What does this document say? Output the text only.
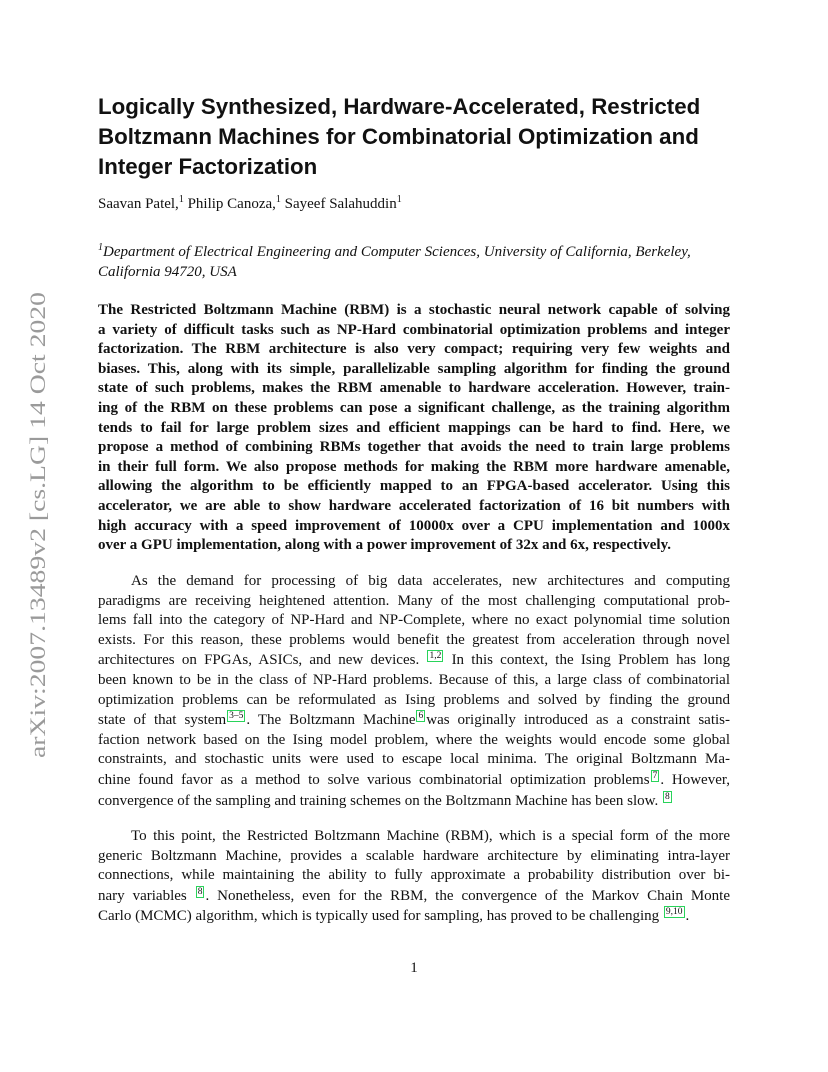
arXiv:2007.13489v2 [cs.LG] 14 Oct 2020
Logically Synthesized, Hardware-Accelerated, Restricted
Boltzmann Machines for Combinatorial Optimization and
Integer Factorization
Saavan Patel,$^1$ Philip Canoza,$^1$ Sayeef Salahuddin$^1$
$^1$Department of Electrical Engineering and Computer Sciences, University of California, Berkeley,
California 94720, USA
The Restricted Boltzmann Machine (RBM) is a stochastic neural network capable of solving
a variety of difficult tasks such as NP-Hard combinatorial optimization problems and integer
factorization. The RBM architecture is also very compact; requiring very few weights and
biases. This, along with its simple, parallelizable sampling algorithm for finding the ground
state of such problems, makes the RBM amenable to hardware acceleration. However, train-
ing of the RBM on these problems can pose a significant challenge, as the training algorithm
tends to fail for large problem sizes and efficient mappings can be hard to find. Here, we
propose a method of combining RBMs together that avoids the need to train large problems
in their full form. We also propose methods for making the RBM more hardware amenable,
allowing the algorithm to be efficiently mapped to an FPGA-based accelerator. Using this
accelerator, we are able to show hardware accelerated factorization of 16 bit numbers with
high accuracy with a speed improvement of 10000x over a CPU implementation and 1000x
over a GPU implementation, along with a power improvement of 32x and 6x, respectively.
As the demand for processing of big data accelerates, new architectures and computing
paradigms are receiving heightened attention. Many of the most challenging computational prob-
lems fall into the category of NP-Hard and NP-Complete, where no exact polynomial time solution
exists. For this reason, these problems would benefit the greatest from acceleration through novel
architectures on FPGAs, ASICs, and new devices. 1,2 In this context, the Ising Problem has long
been known to be in the class of NP-Hard problems. Because of this, a large class of combinatorial
optimization problems can be reformulated as Ising problems and solved by finding the ground
state of that system 3–5 . The Boltzmann Machine 6 was originally introduced as a constraint satis-
faction network based on the Ising model problem, where the weights would encode some global
constraints, and stochastic units were used to escape local minima. The original Boltzmann Ma-
chine found favor as a method to solve various combinatorial optimization problems 7 . However,
convergence of the sampling and training schemes on the Boltzmann Machine has been slow. 8
To this point, the Restricted Boltzmann Machine (RBM), which is a special form of the more
generic Boltzmann Machine, provides a scalable hardware architecture by eliminating intra-layer
connections, while maintaining the ability to fully approximate a probability distribution over bi-
nary variables 8 . Nonetheless, even for the RBM, the convergence of the Markov Chain Monte
Carlo (MCMC) algorithm, which is typically used for sampling, has proved to be challenging 9,10 .
1
